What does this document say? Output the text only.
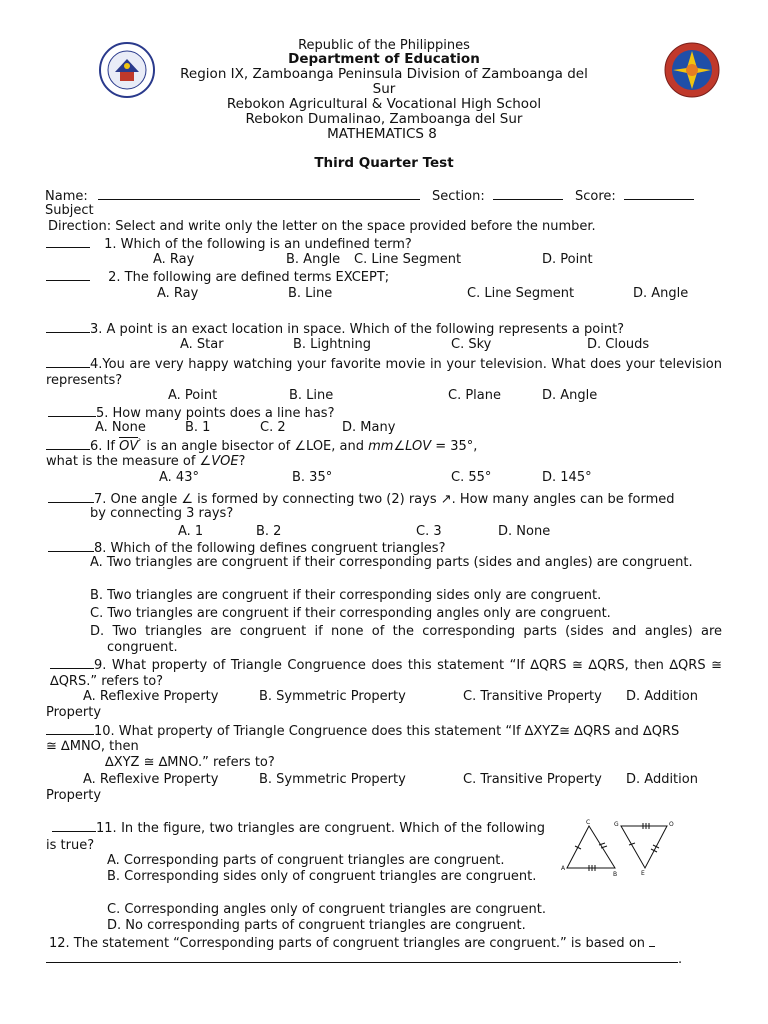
Republic of the Philippines
Department of Education
Region IX, Zamboanga Peninsula Division of Zamboanga del
Sur
Rebokon Agricultural & Vocational High School
Rebokon Dumalinao, Zamboanga del Sur
MATHEMATICS 8
Third Quarter Test
Name:	Section:	Score:
Subject
Direction: Select and write only the letter on the space provided before the number.
1. Which of the following is an undefined term?
A. Ray	B. Angle C. Line Segment	D. Point
2. The following are defined terms EXCEPT;
A. Ray	B. Line	C. Line Segment	D. Angle
3. A point is an exact location in space. Which of the following represents a point?
A. Star	B. Lightning	C. Sky	D. Clouds
4.You are very happy watching your favorite movie in your television. What does your television represents?
A. Point	B. Line	C. Plane	D. Angle
5. How many points does a line has?
A. None	B. 1	C. 2	D. Many
6. If	›
OV is an angle bisector of ∠LOE, and mm∠LOV = 35°,
what is the measure of ∠VOE?
A. 43°	B. 35°	C. 55°	D. 145°
7. One angle ∠ is formed by connecting two (2) rays ↗. How many angles can be formed
by connecting 3 rays?
A. 1	B. 2	C. 3	D. None
8. Which of the following defines congruent triangles?
A. Two triangles are congruent if their corresponding parts (sides and angles) are congruent.
B. Two triangles are congruent if their corresponding sides only are congruent.
C. Two triangles are congruent if their corresponding angles only are congruent.
D. Two triangles are congruent if none of the corresponding parts (sides and angles) are congruent.
9. What property of Triangle Congruence does this statement “If ∆QRS ≅ ∆QRS, then ∆QRS ≅ ∆QRS.” refers to?
A. Reflexive Property	B. Symmetric Property	C. Transitive Property D. Addition
Property
10. What property of Triangle Congruence does this statement “If ∆XYZ≅ ∆QRS and ∆QRS
≅ ∆MNO, then
∆XYZ ≅ ∆MNO.” refers to?
A. Reflexive Property	B. Symmetric Property	C. Transitive Property D. Addition
Property
11. In the figure, two triangles are congruent. Which of the following is true?
A. Corresponding parts of congruent triangles are congruent.
B. Corresponding sides only of congruent triangles are congruent.
C. Corresponding angles only of congruent triangles are congruent.
D. No corresponding parts of congruent triangles are congruent.
C	G	O
A
B	E
12. The statement “Corresponding parts of congruent triangles are congruent.” is based on
.
